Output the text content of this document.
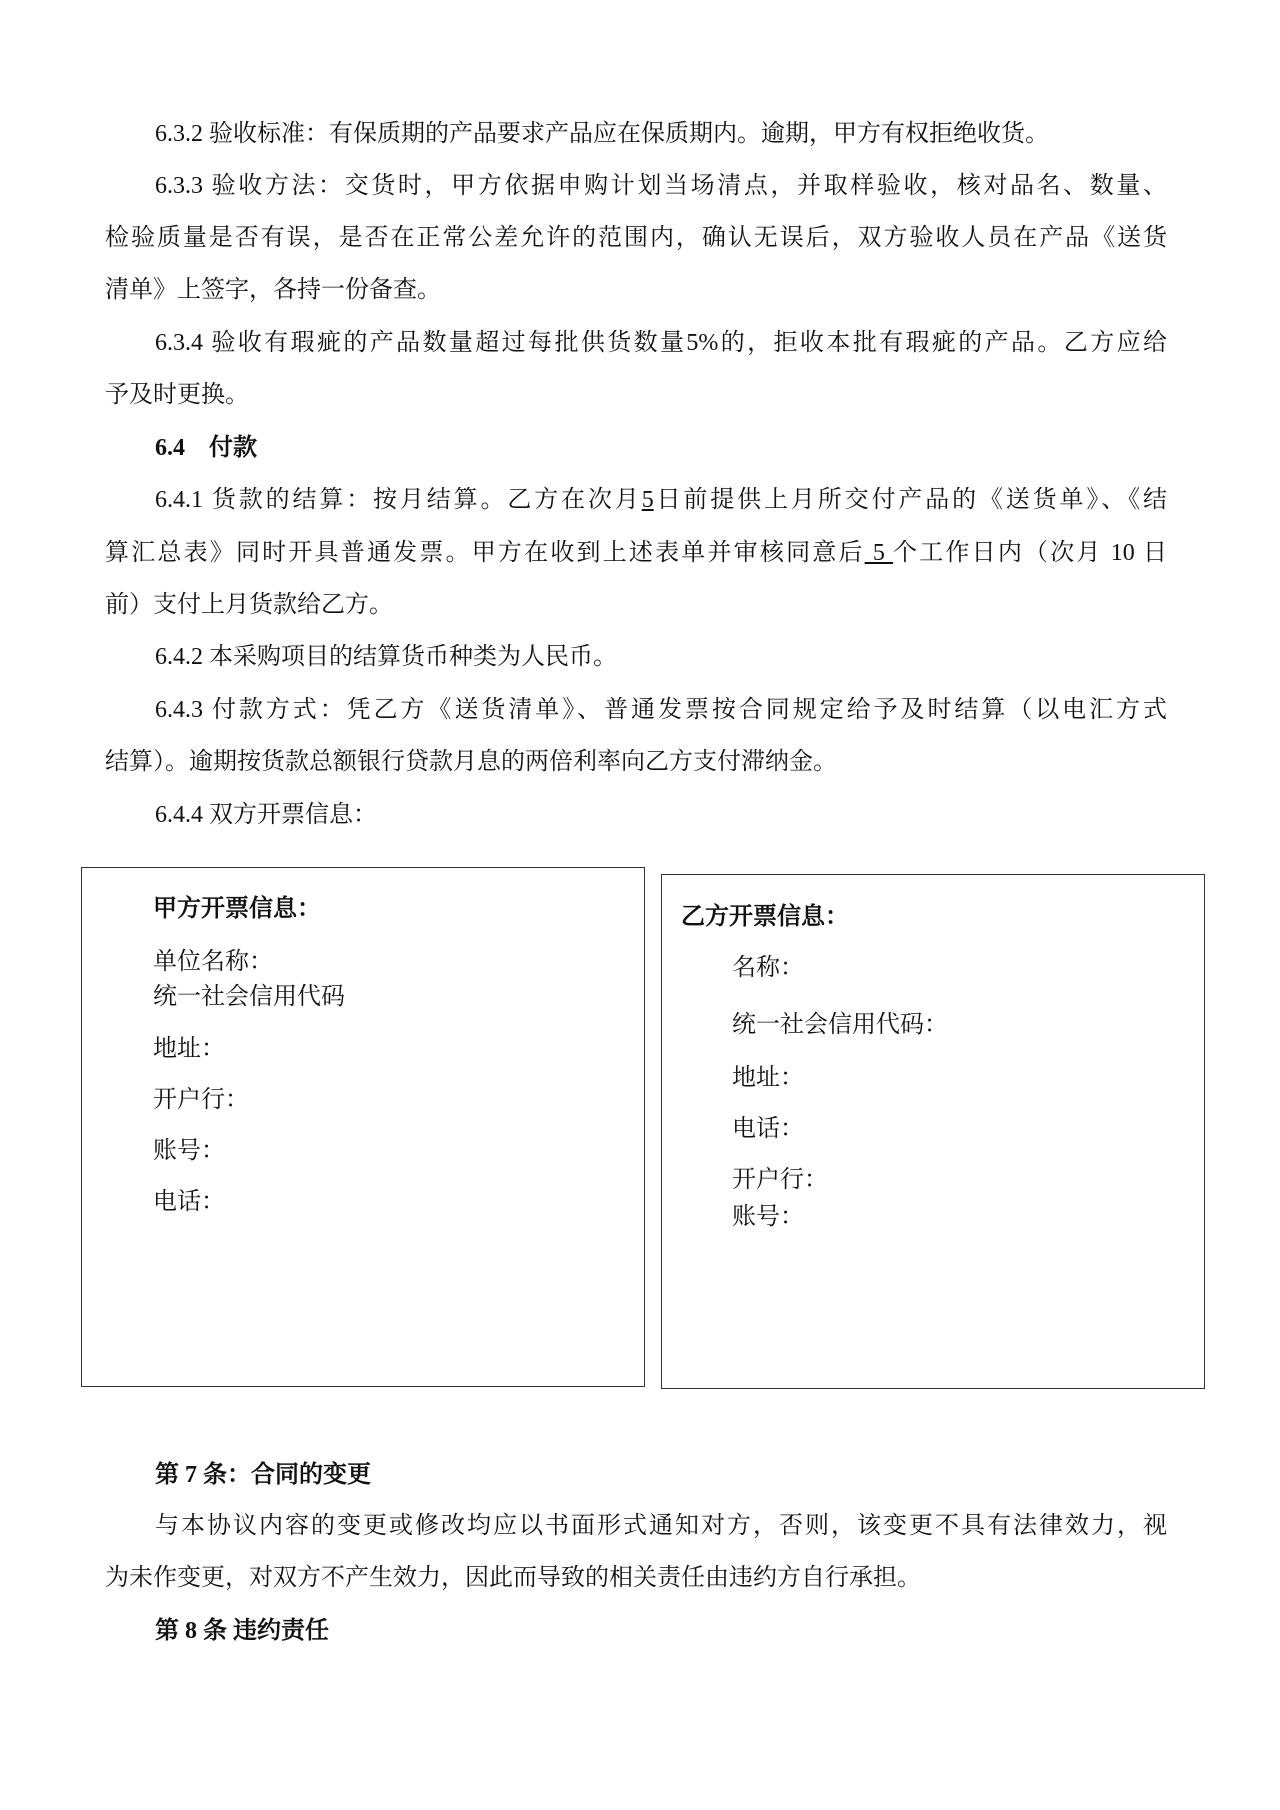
6.3.2 验收标准：有保质期的产品要求产品应在保质期内。逾期，甲方有权拒绝收货。
6.3.3 验收方法：交货时，甲方依据申购计划当场清点，并取样验收，核对品名、数量、
检验质量是否有误，是否在正常公差允许的范围内，确认无误后，双方验收人员在产品《送货
清单》上签字，各持一份备查。
6.3.4 验收有瑕疵的产品数量超过每批供货数量5%的，拒收本批有瑕疵的产品。乙方应给
予及时更换。
6.4　付款
6.4.1 货款的结算：按月结算。乙方在次月5日前提供上月所交付产品的《送货单》、《结
算汇总表》同时开具普通发票。甲方在收到上述表单并审核同意后 5 个工作日内（次月 10 日
前）支付上月货款给乙方。
6.4.2 本采购项目的结算货币种类为人民币。
6.4.3 付款方式：凭乙方《送货清单》、普通发票按合同规定给予及时结算（以电汇方式
结算）。逾期按货款总额银行贷款月息的两倍利率向乙方支付滞纳金。
6.4.4 双方开票信息：
甲方开票信息：
单位名称：
统一社会信用代码
地址：
开户行：
账号：
电话：
乙方开票信息：
名称：
统一社会信用代码：
地址：
电话：
开户行：
账号：
第 7 条：合同的变更
与本协议内容的变更或修改均应以书面形式通知对方，否则，该变更不具有法律效力，视
为未作变更，对双方不产生效力，因此而导致的相关责任由违约方自行承担。
第 8 条 违约责任
